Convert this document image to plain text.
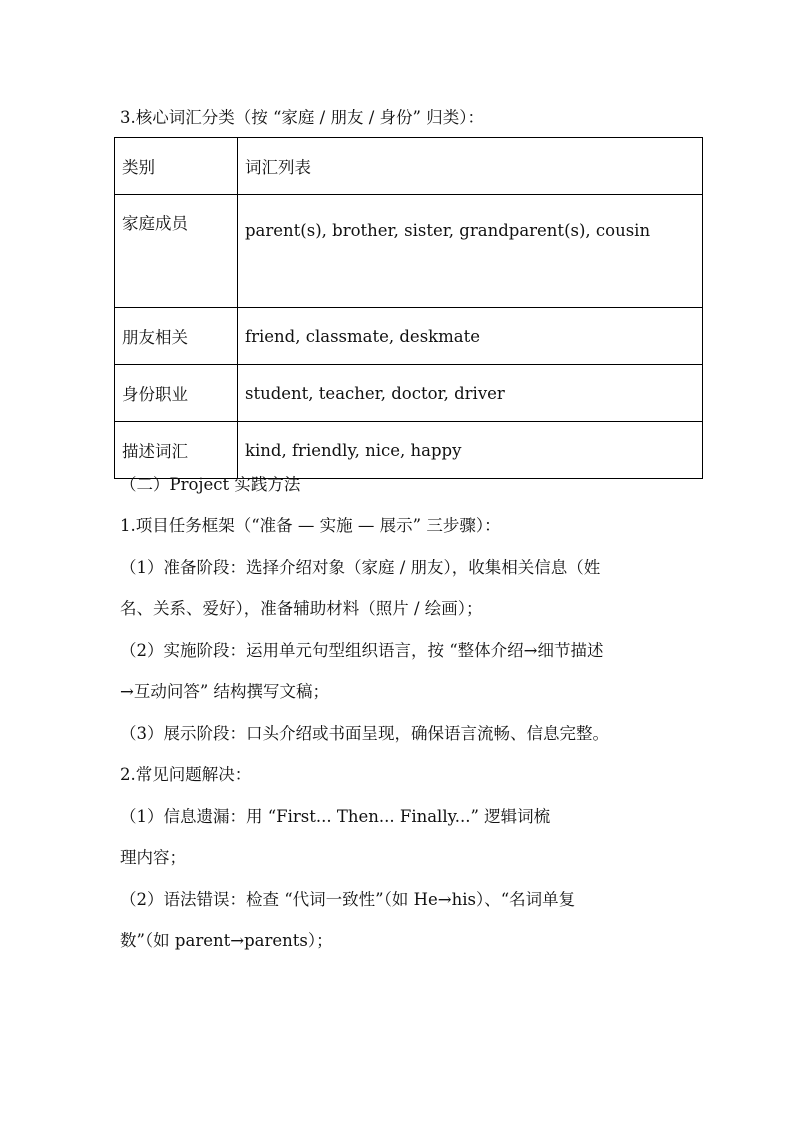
3.核心词汇分类（按 “家庭 / 朋友 / 身份” 归类）：
类别	词汇列表
家庭成员	parent(s), brother, sister, grandparent(s), cousin
朋友相关	friend, classmate, deskmate
身份职业	student, teacher, doctor, driver
描述词汇	kind, friendly, nice, happy
（二）Project 实践方法
1.项目任务框架（“准备 — 实施 — 展示” 三步骤）：
（1）准备阶段：选择介绍对象（家庭 / 朋友），收集相关信息（姓
名、关系、爱好），准备辅助材料（照片 / 绘画）；
（2）实施阶段：运用单元句型组织语言，按 “整体介绍→细节描述
→互动问答” 结构撰写文稿；
（3）展示阶段：口头介绍或书面呈现，确保语言流畅、信息完整。
2.常见问题解决：
（1）信息遗漏：用 “First... Then... Finally...” 逻辑词梳
理内容；
（2）语法错误：检查 “代词一致性”（如 He→his）、“名词单复
数”（如 parent→parents）；
